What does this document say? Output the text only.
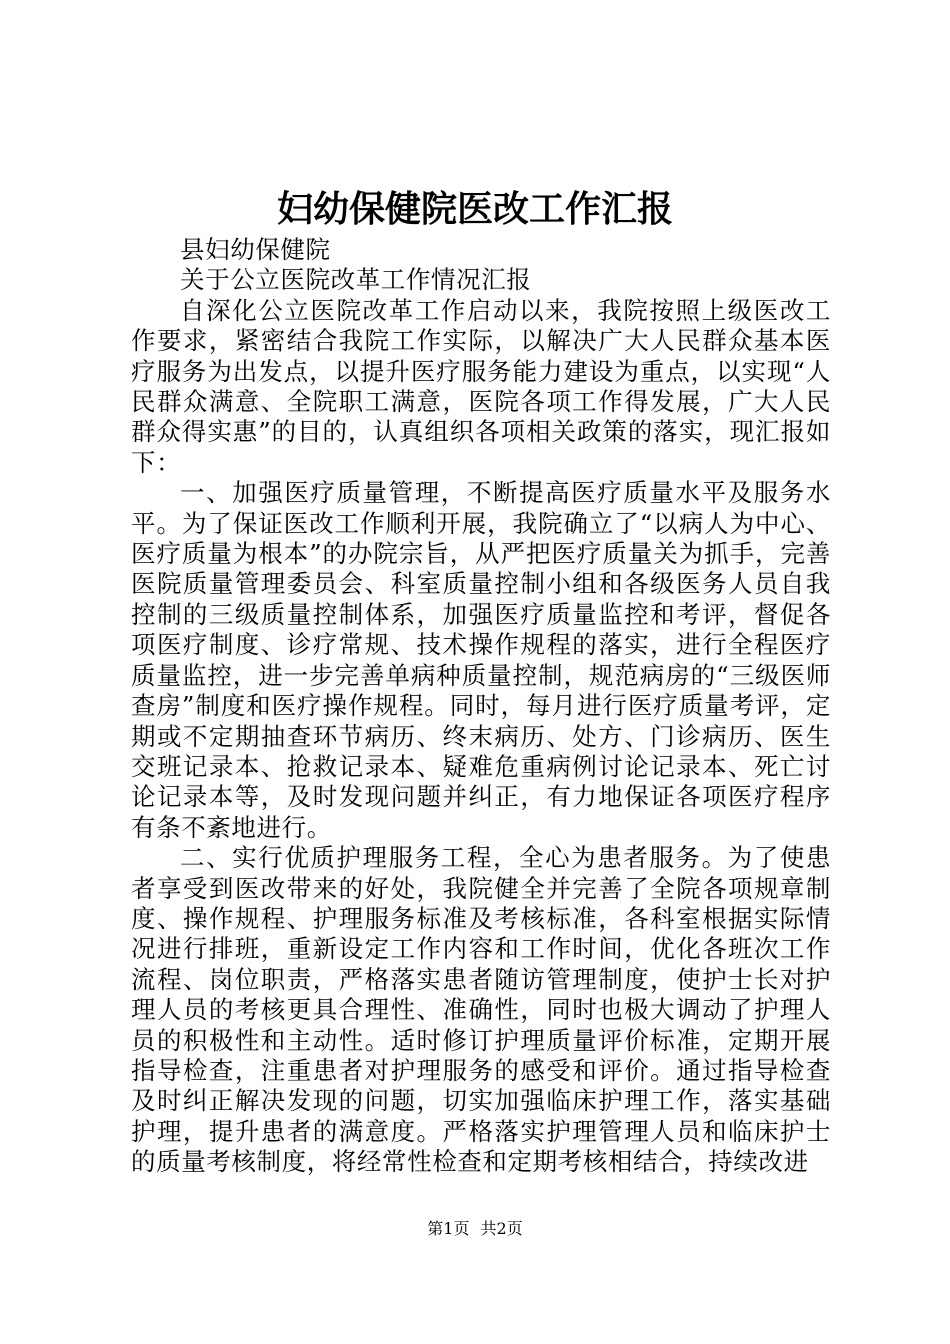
妇幼保健院医改工作汇报

县妇幼保健院

关于公立医院改革工作情况汇报

自深化公立医院改革工作启动以来，我院按照上级医改工作要求，紧密结合我院工作实际，以解决广大人民群众基本医疗服务为出发点，以提升医疗服务能力建设为重点，以实现“人民群众满意、全院职工满意，医院各项工作得发展，广大人民群众得实惠”的目的，认真组织各项相关政策的落实，现汇报如下：

一、加强医疗质量管理，不断提高医疗质量水平及服务水平。为了保证医改工作顺利开展，我院确立了“以病人为中心、医疗质量为根本”的办院宗旨，从严把医疗质量关为抓手，完善医院质量管理委员会、科室质量控制小组和各级医务人员自我控制的三级质量控制体系，加强医疗质量监控和考评，督促各项医疗制度、诊疗常规、技术操作规程的落实，进行全程医疗质量监控，进一步完善单病种质量控制，规范病房的“三级医师查房”制度和医疗操作规程。同时，每月进行医疗质量考评，定期或不定期抽查环节病历、终末病历、处方、门诊病历、医生交班记录本、抢救记录本、疑难危重病例讨论记录本、死亡讨论记录本等，及时发现问题并纠正，有力地保证各项医疗程序有条不紊地进行。

二、实行优质护理服务工程，全心为患者服务。为了使患者享受到医改带来的好处，我院健全并完善了全院各项规章制度、操作规程、护理服务标准及考核标准，各科室根据实际情况进行排班，重新设定工作内容和工作时间，优化各班次工作流程、岗位职责，严格落实患者随访管理制度，使护士长对护理人员的考核更具合理性、准确性，同时也极大调动了护理人员的积极性和主动性。适时修订护理质量评价标准，定期开展指导检查，注重患者对护理服务的感受和评价。通过指导检查及时纠正解决发现的问题，切实加强临床护理工作，落实基础护理，提升患者的满意度。严格落实护理管理人员和临床护士的质量考核制度，将经常性检查和定期考核相结合，持续改进

第1页 共2页
